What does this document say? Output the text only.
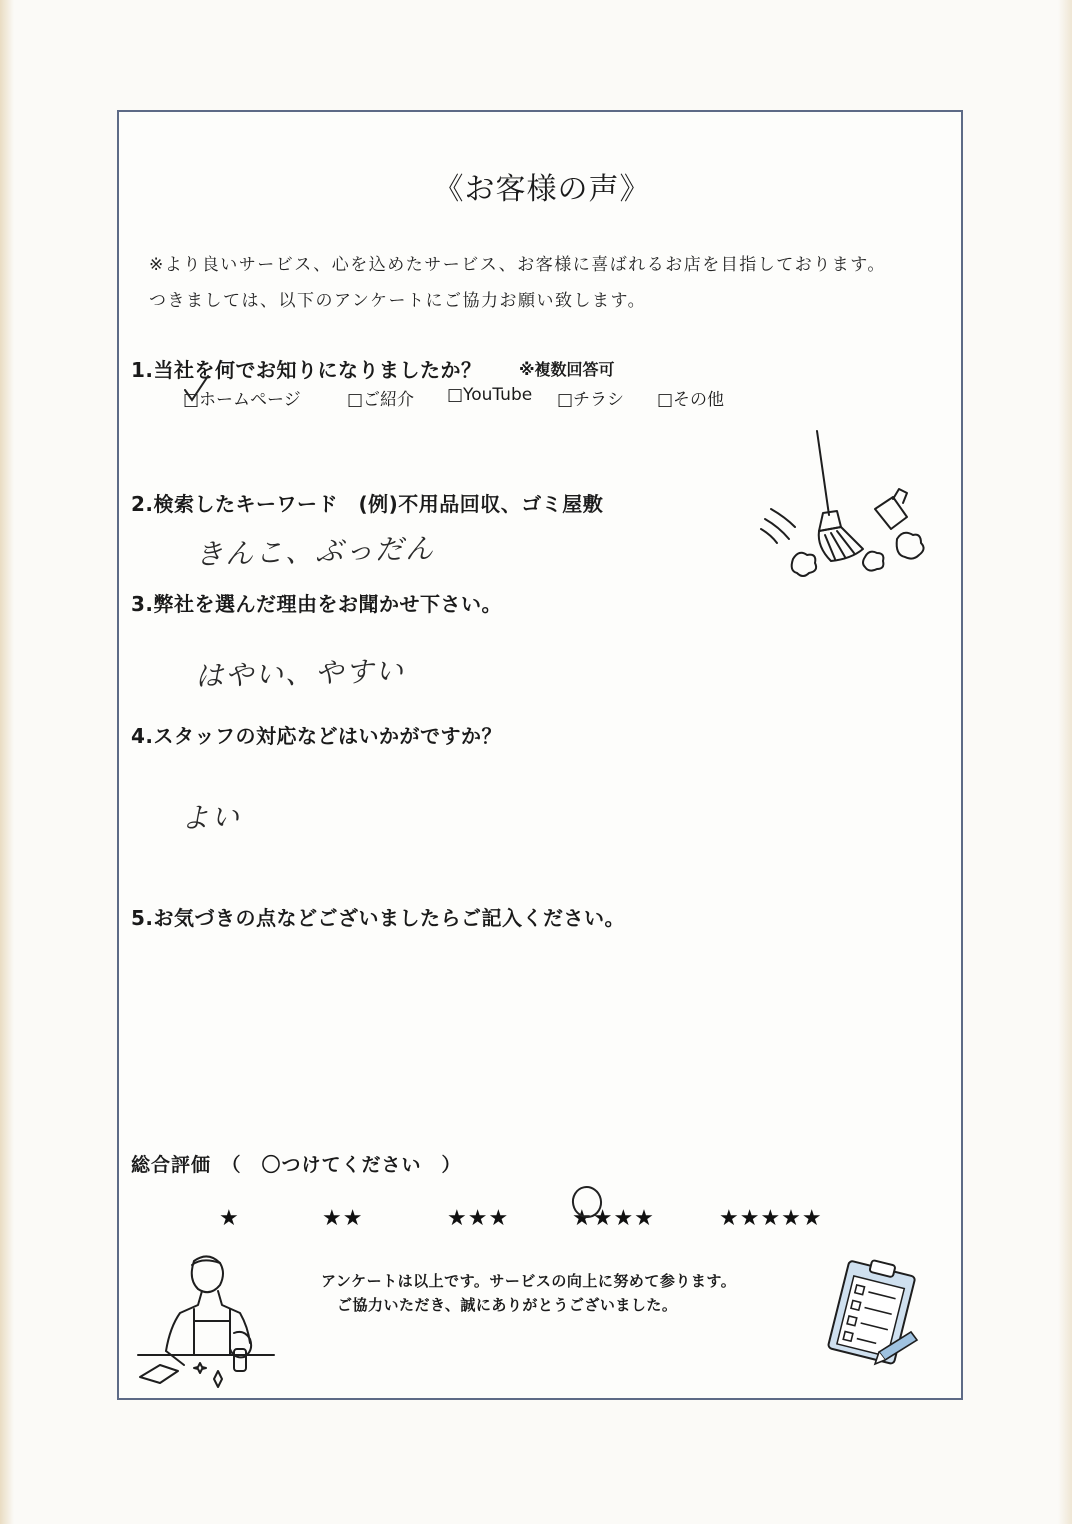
《お客様の声》
※より良いサービス、心を込めたサービス、お客様に喜ばれるお店を目指しております。
つきましては、以下のアンケートにご協力お願い致します。
1.当社を何でお知りになりましたか？ ※複数回答可
□ホームページ	□ご紹介 □YouTube □チラシ □その他
2.検索したキーワード　(例)不用品回収、ゴミ屋敷
きんこ、ぶっだん
3.弊社を選んだ理由をお聞かせ下さい。
はやい、やすい
4.スタッフの対応などはいかがですか？
よい
5.お気づきの点などございましたらご記入ください。
総合評価　（　〇つけてください　）
★	★★	★★★	★★★★	★★★★★
アンケートは以上です。サービスの向上に努めて参ります。
ご協力いただき、誠にありがとうございました。
